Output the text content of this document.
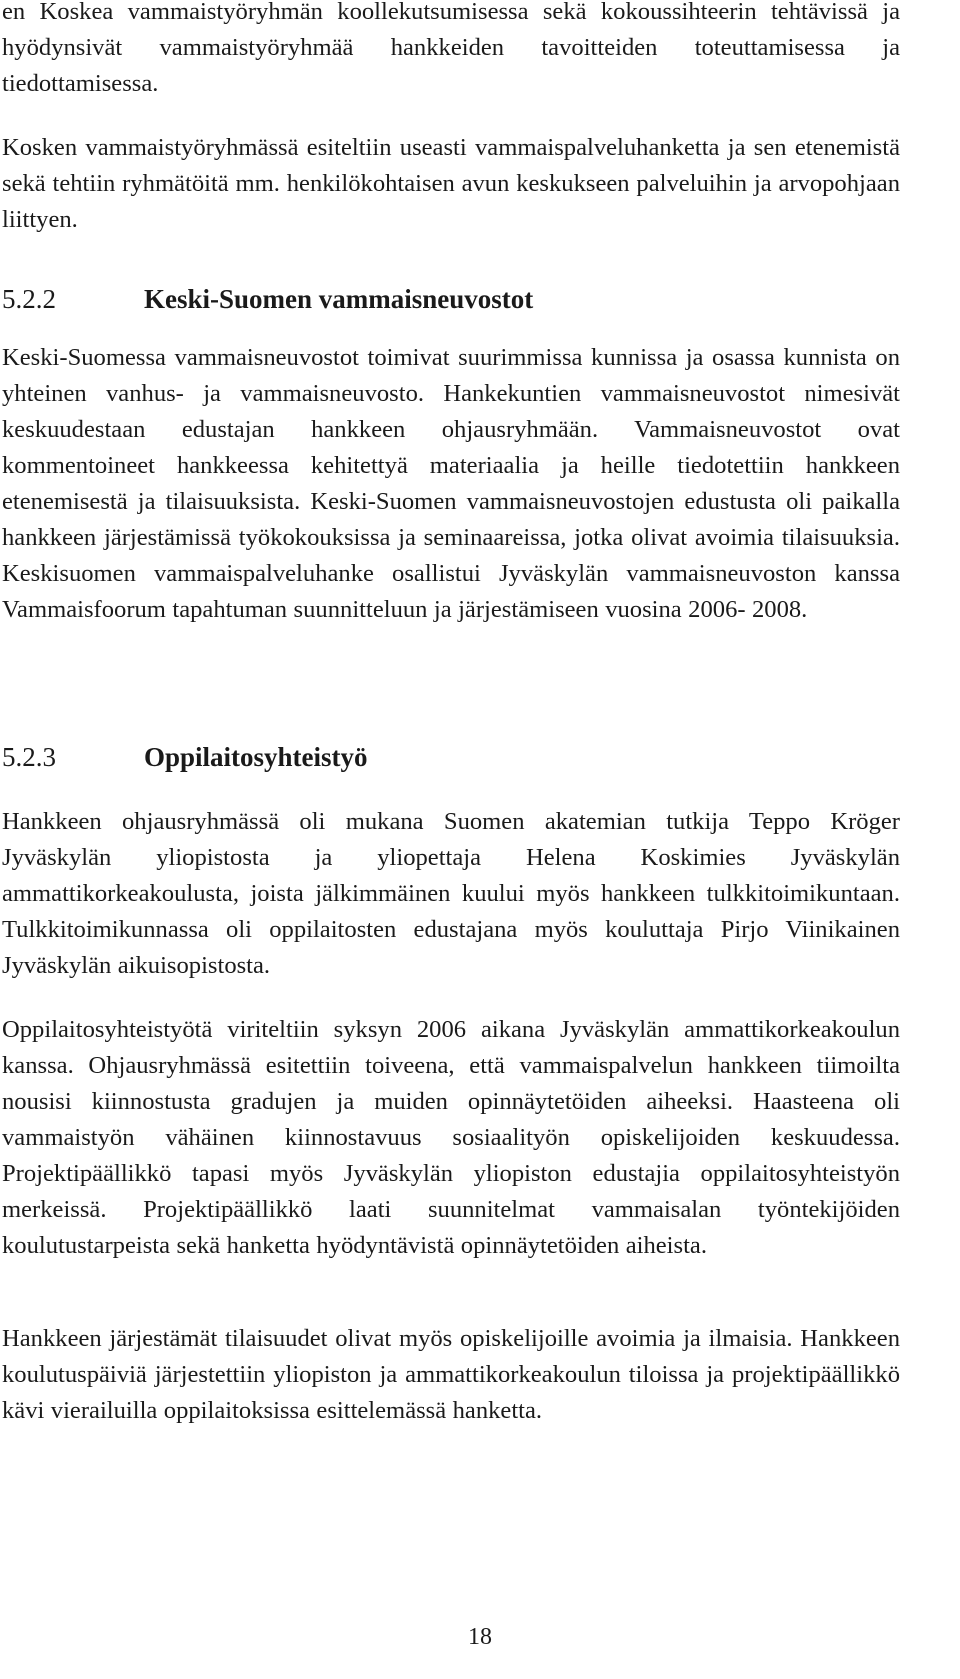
en Koskea vammaistyöryhmän koollekutsumisessa sekä kokoussihteerin tehtävissä ja hyödynsivät vammaistyöryhmää hankkeiden tavoitteiden toteuttamisessa ja tiedottamisessa.

Kosken vammaistyöryhmässä esiteltiin useasti vammaispalveluhanketta ja sen etenemistä sekä tehtiin ryhmätöitä mm. henkilökohtaisen avun keskukseen palveluihin ja arvopohjaan liittyen.

5.2.2	Keski-Suomen vammaisneuvostot

Keski-Suomessa vammaisneuvostot toimivat suurimmissa kunnissa ja osassa kunnista on yhteinen vanhus- ja vammaisneuvosto. Hankekuntien vammaisneuvostot nimesivät keskuudestaan edustajan hankkeen ohjausryhmään. Vammaisneuvostot ovat kommentoineet hankkeessa kehitettyä materiaalia ja heille tiedotettiin hankkeen etenemisestä ja tilaisuuksista. Keski-Suomen vammaisneuvostojen edustusta oli paikalla hankkeen järjestämissä työkokouksissa ja seminaareissa, jotka olivat avoimia tilaisuuksia. Keskisuomen vammaispalveluhanke osallistui Jyväskylän vammaisneuvoston kanssa Vammaisfoorum tapahtuman suunnitteluun ja järjestämiseen vuosina 2006- 2008.

5.2.3	Oppilaitosyhteistyö

Hankkeen ohjausryhmässä oli mukana Suomen akatemian tutkija Teppo Kröger Jyväskylän yliopistosta ja yliopettaja Helena Koskimies Jyväskylän ammattikorkeakoulusta, joista jälkimmäinen kuului myös hankkeen tulkkitoimikuntaan. Tulkkitoimikunnassa oli oppilaitosten edustajana myös kouluttaja Pirjo Viinikainen Jyväskylän aikuisopistosta.

Oppilaitosyhteistyötä viriteltiin syksyn 2006 aikana Jyväskylän ammattikorkeakoulun kanssa. Ohjausryhmässä esitettiin toiveena, että vammaispalvelun hankkeen tiimoilta nousisi kiinnostusta gradujen ja muiden opinnäytetöiden aiheeksi. Haasteena oli vammaistyön vähäinen kiinnostavuus sosiaalityön opiskelijoiden keskuudessa. Projektipäällikkö tapasi myös Jyväskylän yliopiston edustajia oppilaitosyhteistyön merkeissä. Projektipäällikkö laati suunnitelmat vammaisalan työntekijöiden koulutustarpeista sekä hanketta hyödyntävistä opinnäytetöiden aiheista.

Hankkeen järjestämät tilaisuudet olivat myös opiskelijoille avoimia ja ilmaisia. Hankkeen koulutuspäiviä järjestettiin yliopiston ja ammattikorkeakoulun tiloissa ja projektipäällikkö kävi vierailuilla oppilaitoksissa esittelemässä hanketta.

18
